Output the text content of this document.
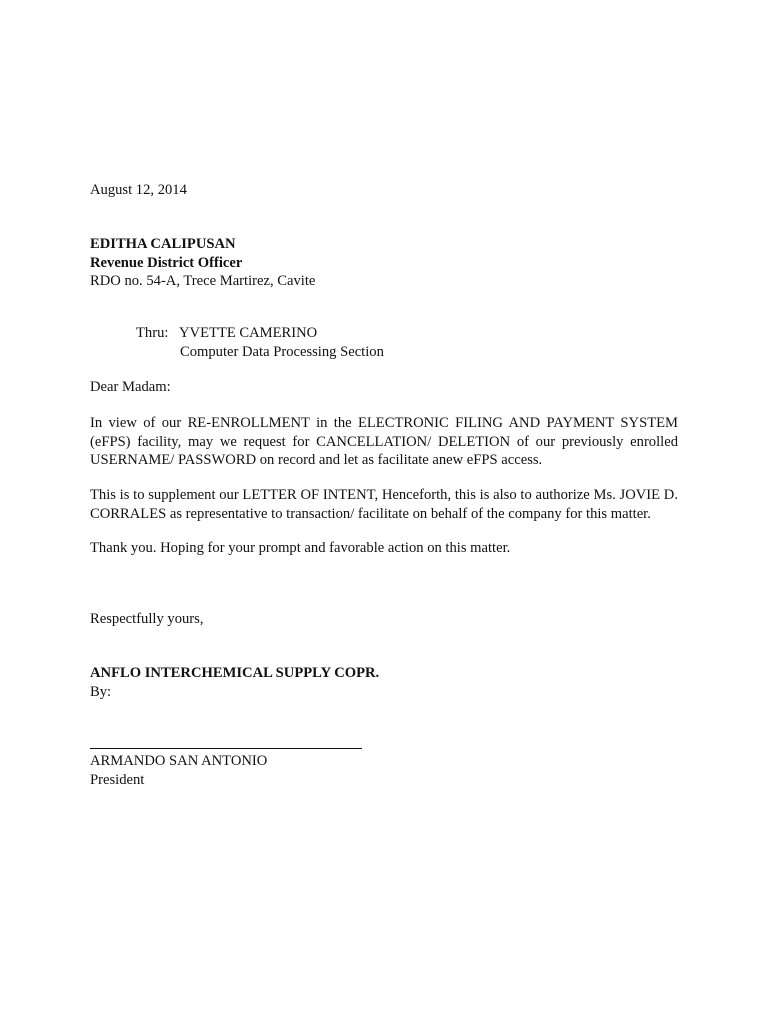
August 12, 2014
EDITHA CALIPUSAN
Revenue District Officer
RDO no. 54-A, Trece Martirez, Cavite
Thru: YVETTE CAMERINO
Computer Data Processing Section
Dear Madam:
In view of our RE-ENROLLMENT in the ELECTRONIC FILING AND PAYMENT SYSTEM (eFPS) facility, may we request for CANCELLATION/ DELETION of our previously enrolled USERNAME/ PASSWORD on record and let as facilitate anew eFPS access.
This is to supplement our LETTER OF INTENT, Henceforth, this is also to authorize Ms. JOVIE D. CORRALES as representative to transaction/ facilitate on behalf of the company for this matter.
Thank you. Hoping for your prompt and favorable action on this matter.
Respectfully yours,
ANFLO INTERCHEMICAL SUPPLY COPR.
By:
ARMANDO SAN ANTONIO
President
